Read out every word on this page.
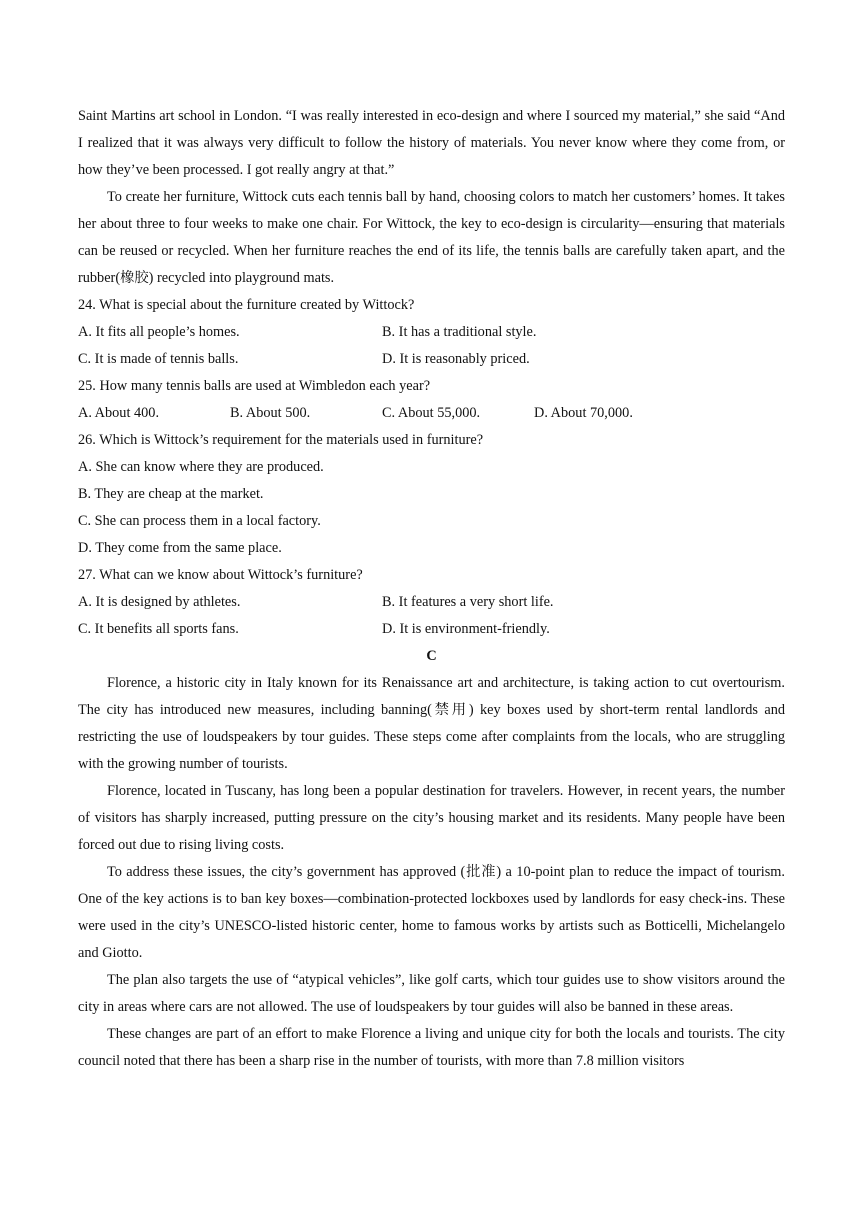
Saint Martins art school in London. “I was really interested in eco-design and where I sourced my material,” she said “And I realized that it was always very difficult to follow the history of materials. You never know where they come from, or how they’ve been processed. I got really angry at that.”

To create her furniture, Wittock cuts each tennis ball by hand, choosing colors to match her customers’ homes. It takes her about three to four weeks to make one chair. For Wittock, the key to eco-design is circularity—ensuring that materials can be reused or recycled. When her furniture reaches the end of its life, the tennis balls are carefully taken apart, and the rubber(橡胶) recycled into playground mats.

24. What is special about the furniture created by Wittock?

A. It fits all people’s homes.	B. It has a traditional style.
C. It is made of tennis balls.	D. It is reasonably priced.

25. How many tennis balls are used at Wimbledon each year?

A. About 400.	B. About 500.	C. About 55,000.	D. About 70,000.

26. Which is Wittock’s requirement for the materials used in furniture?

A. She can know where they are produced.

B. They are cheap at the market.

C. She can process them in a local factory.

D. They come from the same place.

27. What can we know about Wittock’s furniture?

A. It is designed by athletes.	B. It features a very short life.
C. It benefits all sports fans.	D. It is environment-friendly.

C

Florence, a historic city in Italy known for its Renaissance art and architecture, is taking action to cut overtourism. The city has introduced new measures, including banning(禁用) key boxes used by short-term rental landlords and restricting the use of loudspeakers by tour guides. These steps come after complaints from the locals, who are struggling with the growing number of tourists.

Florence, located in Tuscany, has long been a popular destination for travelers. However, in recent years, the number of visitors has sharply increased, putting pressure on the city’s housing market and its residents. Many people have been forced out due to rising living costs.

To address these issues, the city’s government has approved (批准) a 10-point plan to reduce the impact of tourism. One of the key actions is to ban key boxes—combination-protected lockboxes used by landlords for easy check-ins. These were used in the city’s UNESCO-listed historic center, home to famous works by artists such as Botticelli, Michelangelo and Giotto.

The plan also targets the use of “atypical vehicles”, like golf carts, which tour guides use to show visitors around the city in areas where cars are not allowed. The use of loudspeakers by tour guides will also be banned in these areas.

These changes are part of an effort to make Florence a living and unique city for both the locals and tourists. The city council noted that there has been a sharp rise in the number of tourists, with more than 7.8 million visitors
